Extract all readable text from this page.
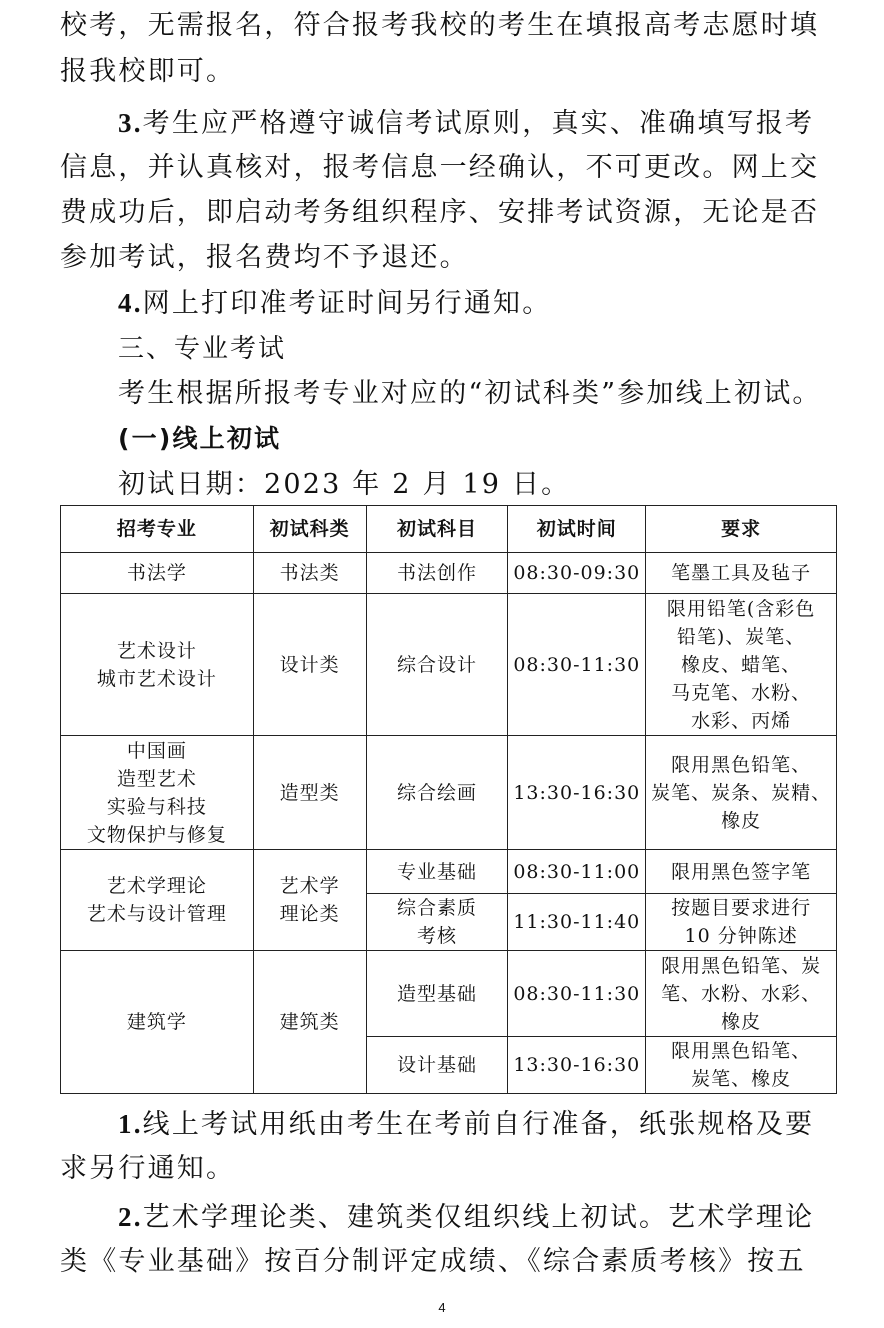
校考，无需报名，符合报考我校的考生在填报高考志愿时填
报我校即可。
3.考生应严格遵守诚信考试原则，真实、准确填写报考
信息，并认真核对，报考信息一经确认，不可更改。网上交
费成功后，即启动考务组织程序、安排考试资源，无论是否
参加考试，报名费均不予退还。
4.网上打印准考证时间另行通知。
三、专业考试
考生根据所报考专业对应的“初试科类”参加线上初试。
(一)线上初试
初试日期：2023 年 2 月 19 日。
招考专业	初试科类	初试科目	初试时间	要求
书法学	书法类	书法创作	08:30-09:30	笔墨工具及毡子
艺术设计
城市艺术设计	设计类	综合设计	08:30-11:30	限用铅笔(含彩色
铅笔)、炭笔、
橡皮、蜡笔、
马克笔、水粉、
水彩、丙烯
中国画
造型艺术
实验与科技
文物保护与修复	造型类	综合绘画	13:30-16:30	限用黑色铅笔、
炭笔、炭条、炭精、
橡皮
艺术学理论
艺术与设计管理	艺术学
理论类	专业基础	08:30-11:00	限用黑色签字笔
		综合素质
考核	11:30-11:40	按题目要求进行
10 分钟陈述
建筑学	建筑类	造型基础	08:30-11:30	限用黑色铅笔、炭
笔、水粉、水彩、
橡皮
		设计基础	13:30-16:30	限用黑色铅笔、
炭笔、橡皮
1.线上考试用纸由考生在考前自行准备，纸张规格及要
求另行通知。
2.艺术学理论类、建筑类仅组织线上初试。艺术学理论
类《专业基础》按百分制评定成绩、《综合素质考核》按五
4
